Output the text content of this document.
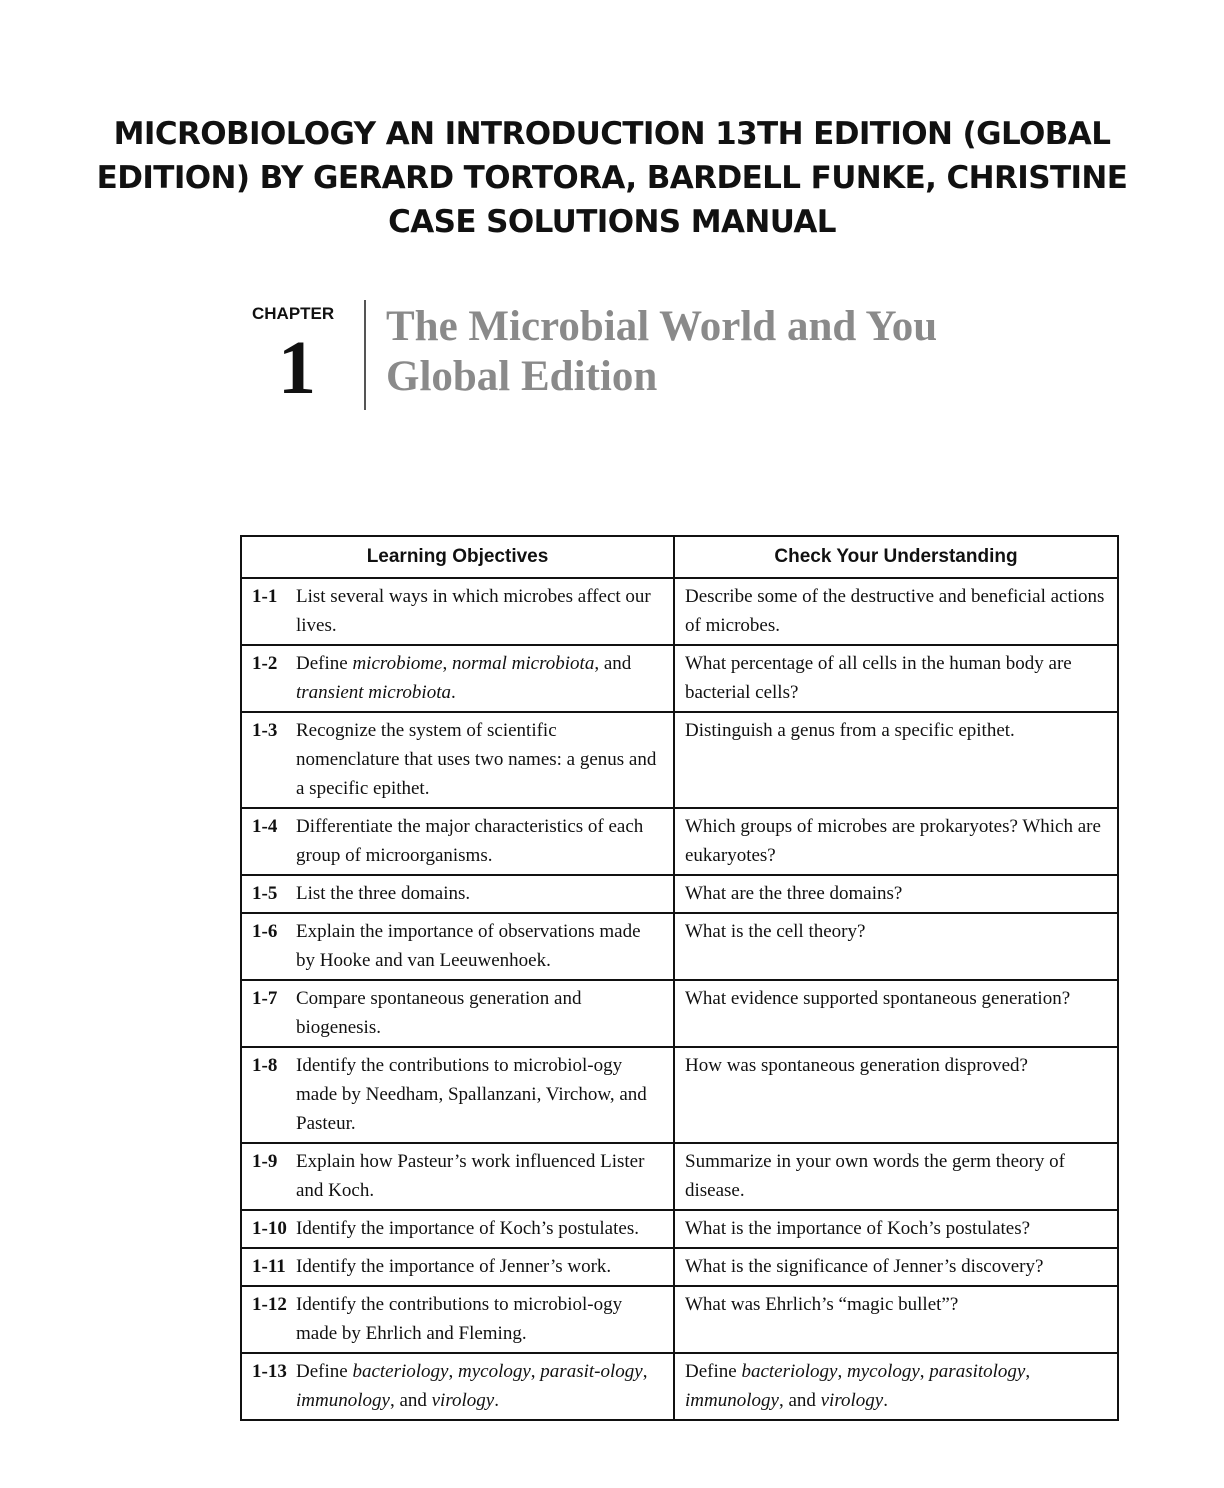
MICROBIOLOGY AN INTRODUCTION 13TH EDITION (GLOBAL
EDITION) BY GERARD TORTORA, BARDELL FUNKE, CHRISTINE
CASE SOLUTIONS MANUAL
CHAPTER
1 The Microbial World and You
Global Edition
Learning Objectives	Check Your Understanding

1-1 List several ways in which microbes affect our lives.	Describe some of the destructive and beneficial actions of microbes.

1-2 Define microbiome, normal microbiota, and transient microbiota.	What percentage of all cells in the human body are bacterial cells?

1-3 Recognize the system of scientific nomenclature that uses two names: a genus and a specific epithet.	Distinguish a genus from a specific epithet.

1-4 Differentiate the major characteristics of each group of microorganisms.	Which groups of microbes are prokaryotes? Which are eukaryotes?

1-5 List the three domains.	What are the three domains?

1-6 Explain the importance of observations made by Hooke and van Leeuwenhoek.	What is the cell theory?

1-7 Compare spontaneous generation and biogenesis.	What evidence supported spontaneous generation?

1-8 Identify the contributions to microbiol-ogy made by Needham, Spallanzani, Virchow, and Pasteur.	How was spontaneous generation disproved?

1-9 Explain how Pasteur’s work influenced Lister and Koch.	Summarize in your own words the germ theory of disease.

1-10 Identify the importance of Koch’s postulates.	What is the importance of Koch’s postulates?

1-11 Identify the importance of Jenner’s work.	What is the significance of Jenner’s discovery?

1-12 Identify the contributions to microbiol-ogy made by Ehrlich and Fleming.	What was Ehrlich’s “magic bullet”?

1-13 Define bacteriology, mycology, parasit-ology, immunology, and virology.	Define bacteriology, mycology, parasitology, immunology, and virology.
